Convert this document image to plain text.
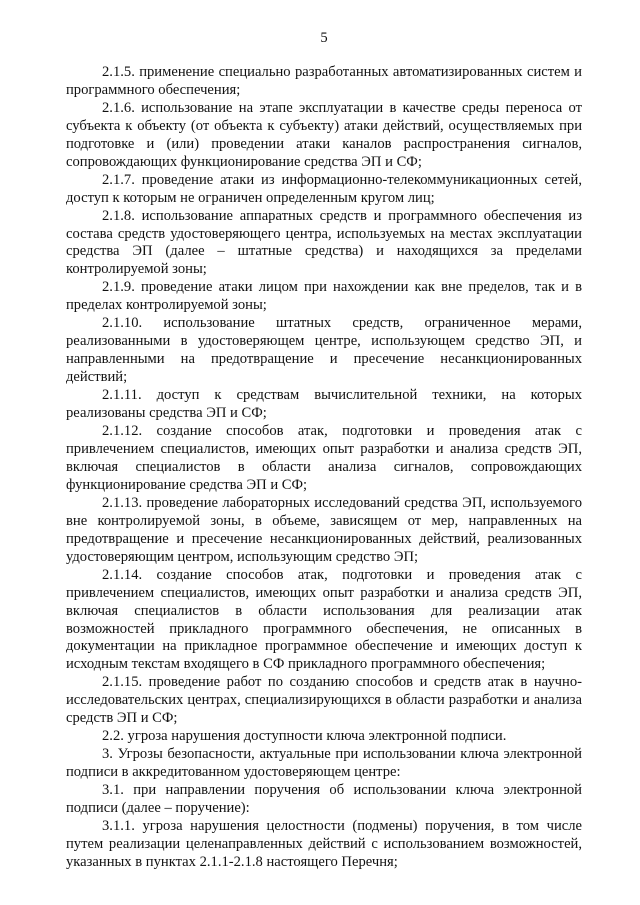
5

2.1.5. применение специально разработанных автоматизированных систем и программного обеспечения;

2.1.6. использование на этапе эксплуатации в качестве среды переноса от субъекта к объекту (от объекта к субъекту) атаки действий, осуществляемых при подготовке и (или) проведении атаки каналов распространения сигналов, сопровождающих функционирование средства ЭП и СФ;

2.1.7. проведение атаки из информационно-телекоммуникационных сетей, доступ к которым не ограничен определенным кругом лиц;

2.1.8. использование аппаратных средств и программного обеспечения из состава средств удостоверяющего центра, используемых на местах эксплуатации средства ЭП (далее – штатные средства) и находящихся за пределами контролируемой зоны;

2.1.9. проведение атаки лицом при нахождении как вне пределов, так и в пределах контролируемой зоны;

2.1.10. использование штатных средств, ограниченное мерами, реализованными в удостоверяющем центре, использующем средство ЭП, и направленными на предотвращение и пресечение несанкционированных действий;

2.1.11. доступ к средствам вычислительной техники, на которых реализованы средства ЭП и СФ;

2.1.12. создание способов атак, подготовки и проведения атак с привлечением специалистов, имеющих опыт разработки и анализа средств ЭП, включая специалистов в области анализа сигналов, сопровождающих функционирование средства ЭП и СФ;

2.1.13. проведение лабораторных исследований средства ЭП, используемого вне контролируемой зоны, в объеме, зависящем от мер, направленных на предотвращение и пресечение несанкционированных действий, реализованных удостоверяющим центром, использующим средство ЭП;

2.1.14. создание способов атак, подготовки и проведения атак с привлечением специалистов, имеющих опыт разработки и анализа средств ЭП, включая специалистов в области использования для реализации атак возможностей прикладного программного обеспечения, не описанных в документации на прикладное программное обеспечение и имеющих доступ к исходным текстам входящего в СФ прикладного программного обеспечения;

2.1.15. проведение работ по созданию способов и средств атак в научно-исследовательских центрах, специализирующихся в области разработки и анализа средств ЭП и СФ;

2.2. угроза нарушения доступности ключа электронной подписи.

3. Угрозы безопасности, актуальные при использовании ключа электронной подписи в аккредитованном удостоверяющем центре:

3.1. при направлении поручения об использовании ключа электронной подписи (далее – поручение):

3.1.1. угроза нарушения целостности (подмены) поручения, в том числе путем реализации целенаправленных действий с использованием возможностей, указанных в пунктах 2.1.1-2.1.8 настоящего Перечня;
